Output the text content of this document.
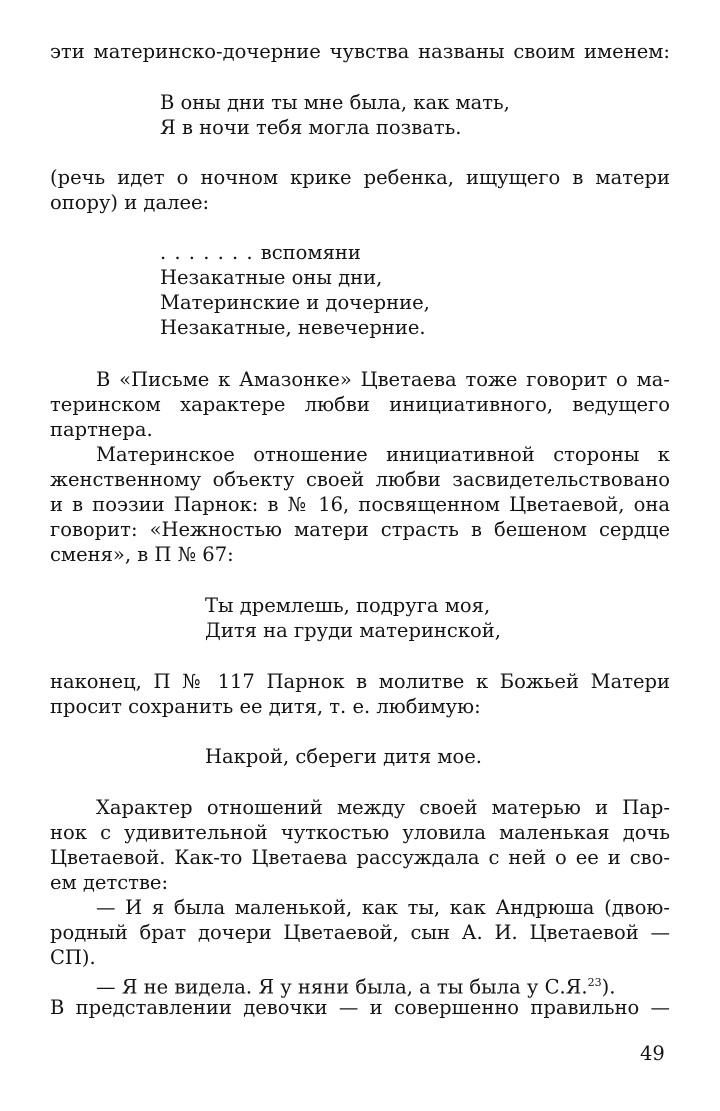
эти материнско-дочерние чувства названы своим именем:
В оны дни ты мне была, как мать,
Я в ночи тебя могла позвать.
(речь идет о ночном крике ребенка, ищущего в матери
опору) и далее:
. . . . . . . вспомяни
Незакатные оны дни,
Материнские и дочерние,
Незакатные, невечерние.
В «Письме к Амазонке» Цветаева тоже говорит о ма-
теринском характере любви инициативного, ведущего
партнера.
Материнское отношение инициативной стороны к
женственному объекту своей любви засвидетельствовано
и в поэзии Парнок: в № 16, посвященном Цветаевой, она
говорит: «Нежностью матери страсть в бешеном сердце
сменя», в П № 67:
Ты дремлешь, подруга моя,
Дитя на груди материнской,
наконец, П № 117 Парнок в молитве к Божьей Матери
просит сохранить ее дитя, т. е. любимую:
Накрой, сбереги дитя мое.
Характер отношений между своей матерью и Пар-
нок с удивительной чуткостью уловила маленькая дочь
Цветаевой. Как-то Цветаева рассуждала с ней о ее и сво-
ем детстве:
— И я была маленькой, как ты, как Андрюша (двою-
родный брат дочери Цветаевой, сын А. И. Цветаевой —
СП).
— Я не видела. Я у няни была, а ты была у С.Я.$^{23}$).
В представлении девочки — и совершенно правильно —
49
